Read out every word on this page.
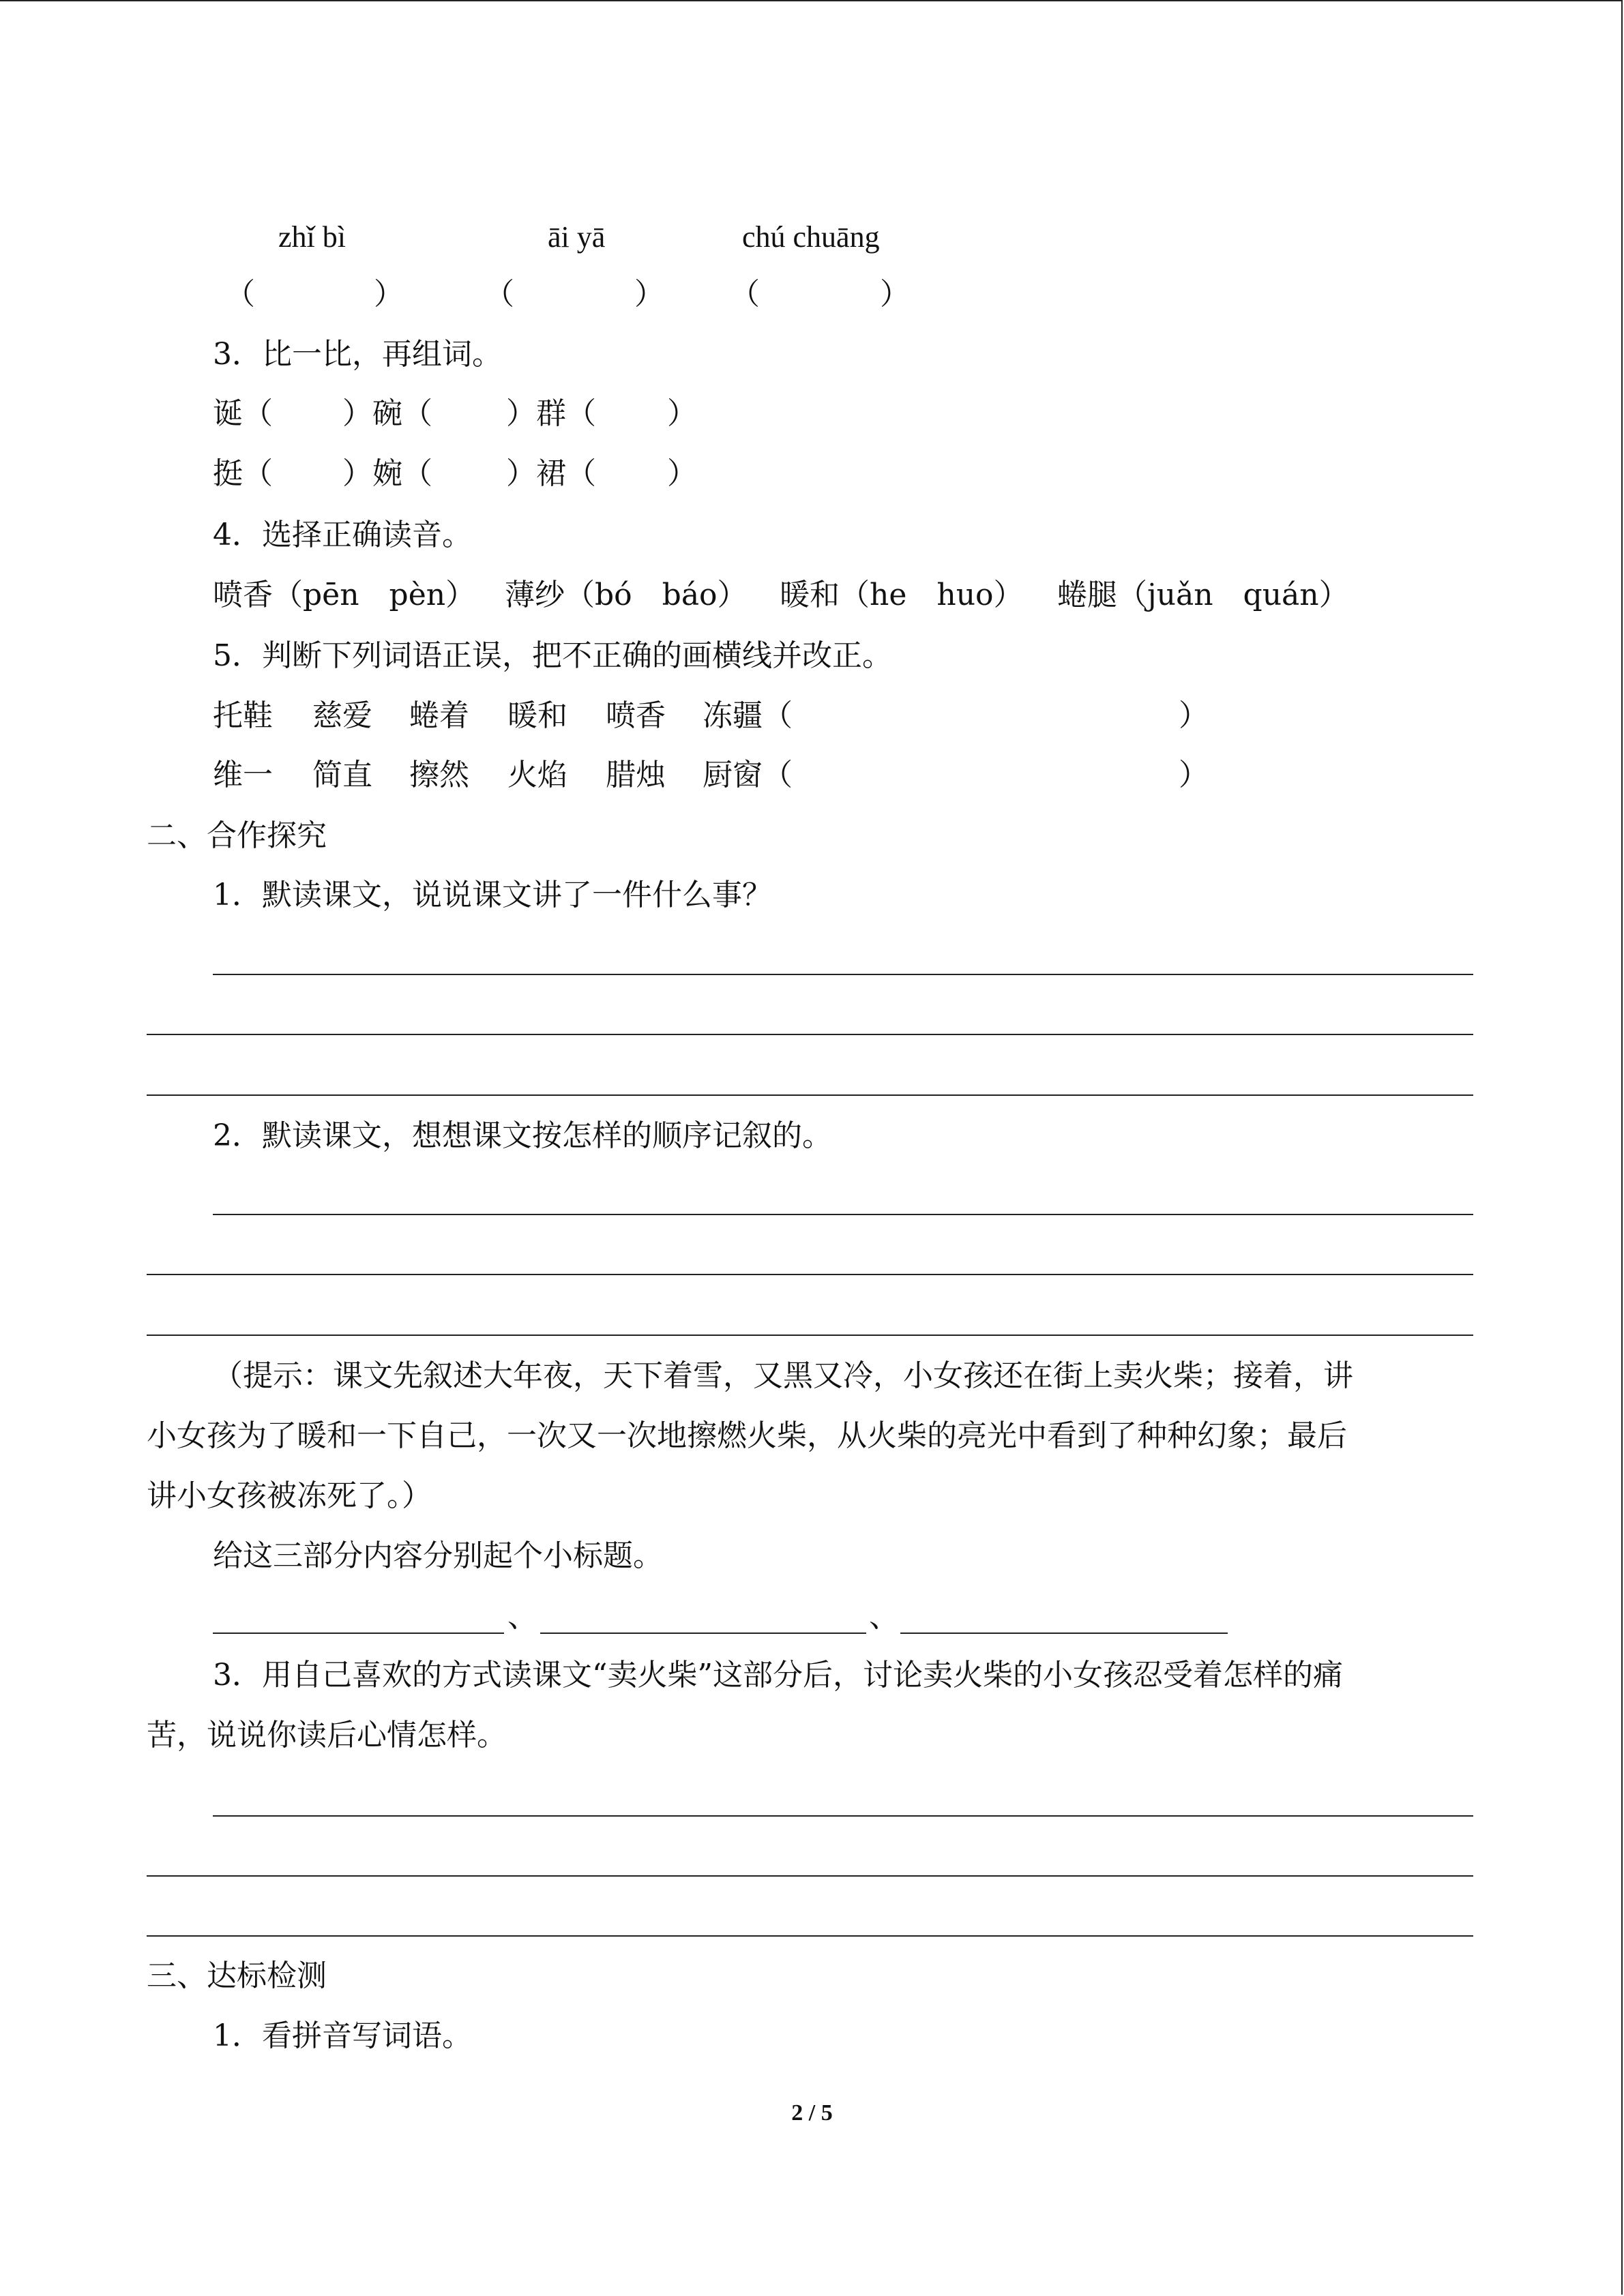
zhǐ bì	āi yā	chú chuāng
（	）	（	） （	）
3．比一比，再组词。
诞（ ）碗（ ）群（ ）
挺（ ）婉（ ）裙（ ）
4．选择正确读音。
喷香（pēn　pèn） 薄纱（bó　báo） 暖和（he　huo） 蜷腿（juǎn　quán）
5．判断下列词语正误，把不正确的画横线并改正。
托鞋 慈爱 蜷着 暖和 喷香 冻疆（	）
维一 简直 擦然 火焰 腊烛 厨窗（	）
二、合作探究
1．默读课文，说说课文讲了一件什么事？
2．默读课文，想想课文按怎样的顺序记叙的。
（提示：课文先叙述大年夜，天下着雪，又黑又冷，小女孩还在街上卖火柴；接着，讲
小女孩为了暖和一下自己，一次又一次地擦燃火柴，从火柴的亮光中看到了种种幻象；最后
讲小女孩被冻死了。）
给这三部分内容分别起个小标题。
、	、
3．用自己喜欢的方式读课文“卖火柴”这部分后，讨论卖火柴的小女孩忍受着怎样的痛
苦，说说你读后心情怎样。
三、达标检测
1．看拼音写词语。
2 / 5
